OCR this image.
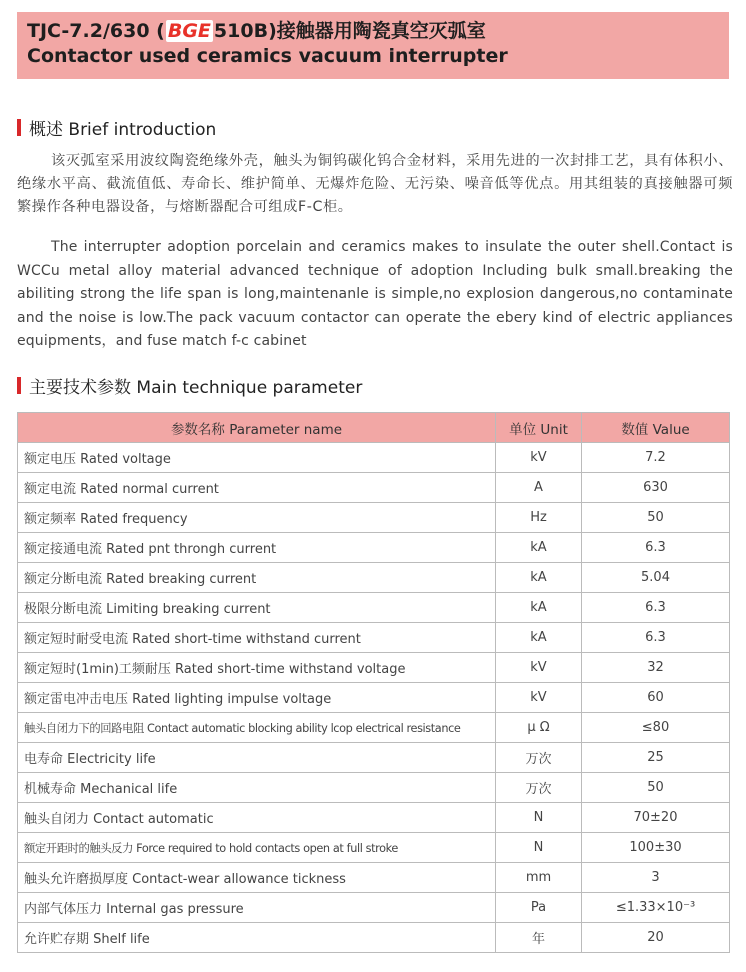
TJC-7.2/630 ( BGE 510B)接触器用陶瓷真空灭弧室
Contactor used ceramics vacuum interrupter
概述 Brief introduction

该灭弧室采用波纹陶瓷绝缘外壳，触头为铜钨碳化钨合金材料，采用先进的一次封排工艺，具有体积小、绝缘水平高、截流值低、寿命长、维护简单、无爆炸危险、无污染、噪音低等优点。用其组装的真接触器可频繁操作各种电器设备，与熔断器配合可组成F-C柜。

The interrupter adoption porcelain and ceramics makes to insulate the outer shell.Contact is WCCu metal alloy material advanced technique of adoption Including bulk small.breaking the abiliting strong the life span is long,maintenanle is simple,no explosion dangerous,no contaminate and the noise is low.The pack vacuum contactor can operate the ebery kind of electric appliances equipments，and fuse match f-c cabinet

主要技术参数 Main technique parameter
参数名称 Parameter name	单位 Unit	数值 Value
额定电压 Rated voltage	kV	7.2
额定电流 Rated normal current	A	630
额定频率 Rated frequency	Hz	50
额定接通电流 Rated pnt throngh current	kA	6.3
额定分断电流 Rated breaking current	kA	5.04
极限分断电流 Limiting breaking current	kA	6.3
额定短时耐受电流 Rated short-time withstand current	kA	6.3
额定短时(1min)工频耐压 Rated short-time withstand voltage	kV	32
额定雷电冲击电压 Rated lighting impulse voltage	kV	60
触头自闭力下的回路电阻 Contact automatic blocking ability lcop electrical resistance	μ Ω	≤80
电寿命 Electricity life	万次	25
机械寿命 Mechanical life	万次	50
触头自闭力 Contact automatic	N	70±20
额定开距时的触头反力 Force required to hold contacts open at full stroke	N	100±30
触头允许磨损厚度 Contact-wear allowance tickness	mm	3
内部气体压力 Internal gas pressure	Pa	≤1.33×10⁻³
允许贮存期 Shelf life	年	20
